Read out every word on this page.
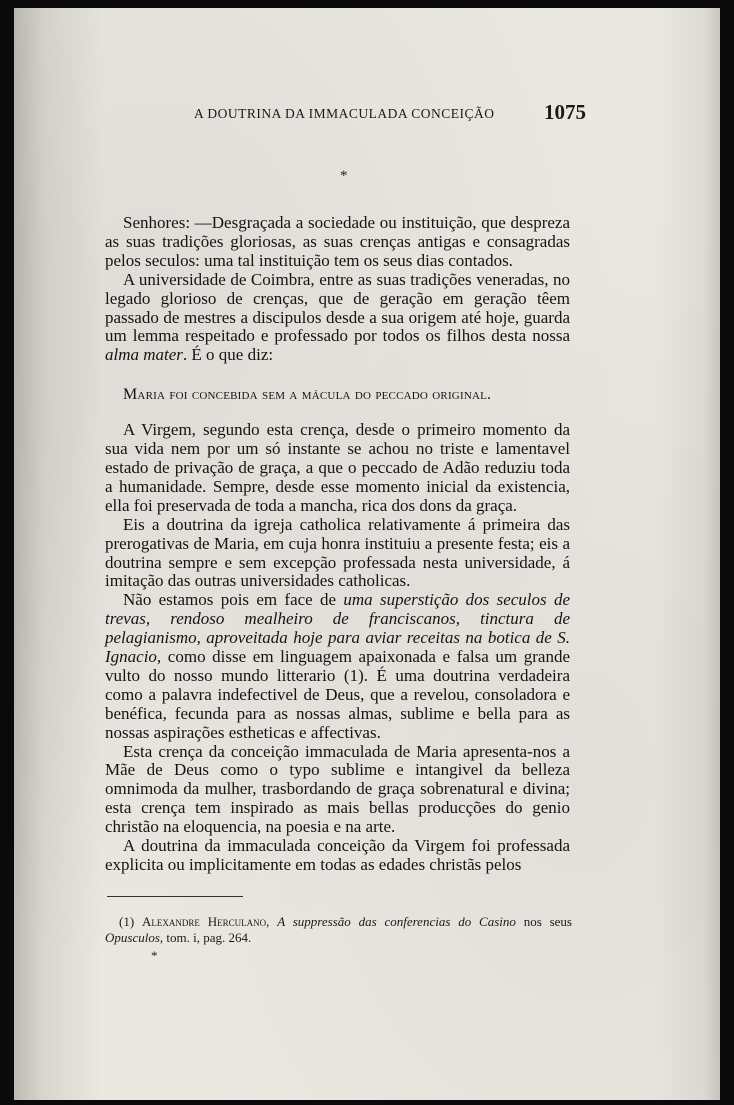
A DOUTRINA DA IMMACULADA CONCEIÇÃO 1075
*

Senhores: —Desgraçada a sociedade ou instituição, que despreza as suas tradições gloriosas, as suas crenças antigas e consagradas pelos seculos: uma tal instituição tem os seus dias contados.

A universidade de Coimbra, entre as suas tradições veneradas, no legado glorioso de crenças, que de geração em geração têem passado de mestres a discipulos desde a sua origem até hoje, guarda um lemma respeitado e professado por todos os filhos desta nossa alma mater. É o que diz:

Maria foi concebida sem a mácula do peccado original.

A Virgem, segundo esta crença, desde o primeiro momento da sua vida nem por um só instante se achou no triste e lamentavel estado de privação de graça, a que o peccado de Adão reduziu toda a humanidade. Sempre, desde esse momento inicial da existencia, ella foi preservada de toda a mancha, rica dos dons da graça.

Eis a doutrina da igreja catholica relativamente á primeira das prerogativas de Maria, em cuja honra instituiu a presente festa; eis a doutrina sempre e sem excepção professada nesta universidade, á imitação das outras universidades catholicas.

Não estamos pois em face de uma superstição dos seculos de trevas, rendoso mealheiro de franciscanos, tinctura de pelagianismo, aproveitada hoje para aviar receitas na botica de S. Ignacio, como disse em linguagem apaixonada e falsa um grande vulto do nosso mundo litterario (1). É uma doutrina verdadeira como a palavra indefectivel de Deus, que a revelou, consoladora e benéfica, fecunda para as nossas almas, sublime e bella para as nossas aspirações estheticas e affectivas.

Esta crença da conceição immaculada de Maria apresenta-nos a Mãe de Deus como o typo sublime e intangivel da belleza omnimoda da mulher, trasbordando de graça sobrenatural e divina; esta crença tem inspirado as mais bellas producções do genio christão na eloquencia, na poesia e na arte.

A doutrina da immaculada conceição da Virgem foi professada explicita ou implicitamente em todas as edades christãs pelos

(1) Alexandre Herculano, A suppressão das conferencias do Casino nos seus Opusculos, tom. i, pag. 264.
*
